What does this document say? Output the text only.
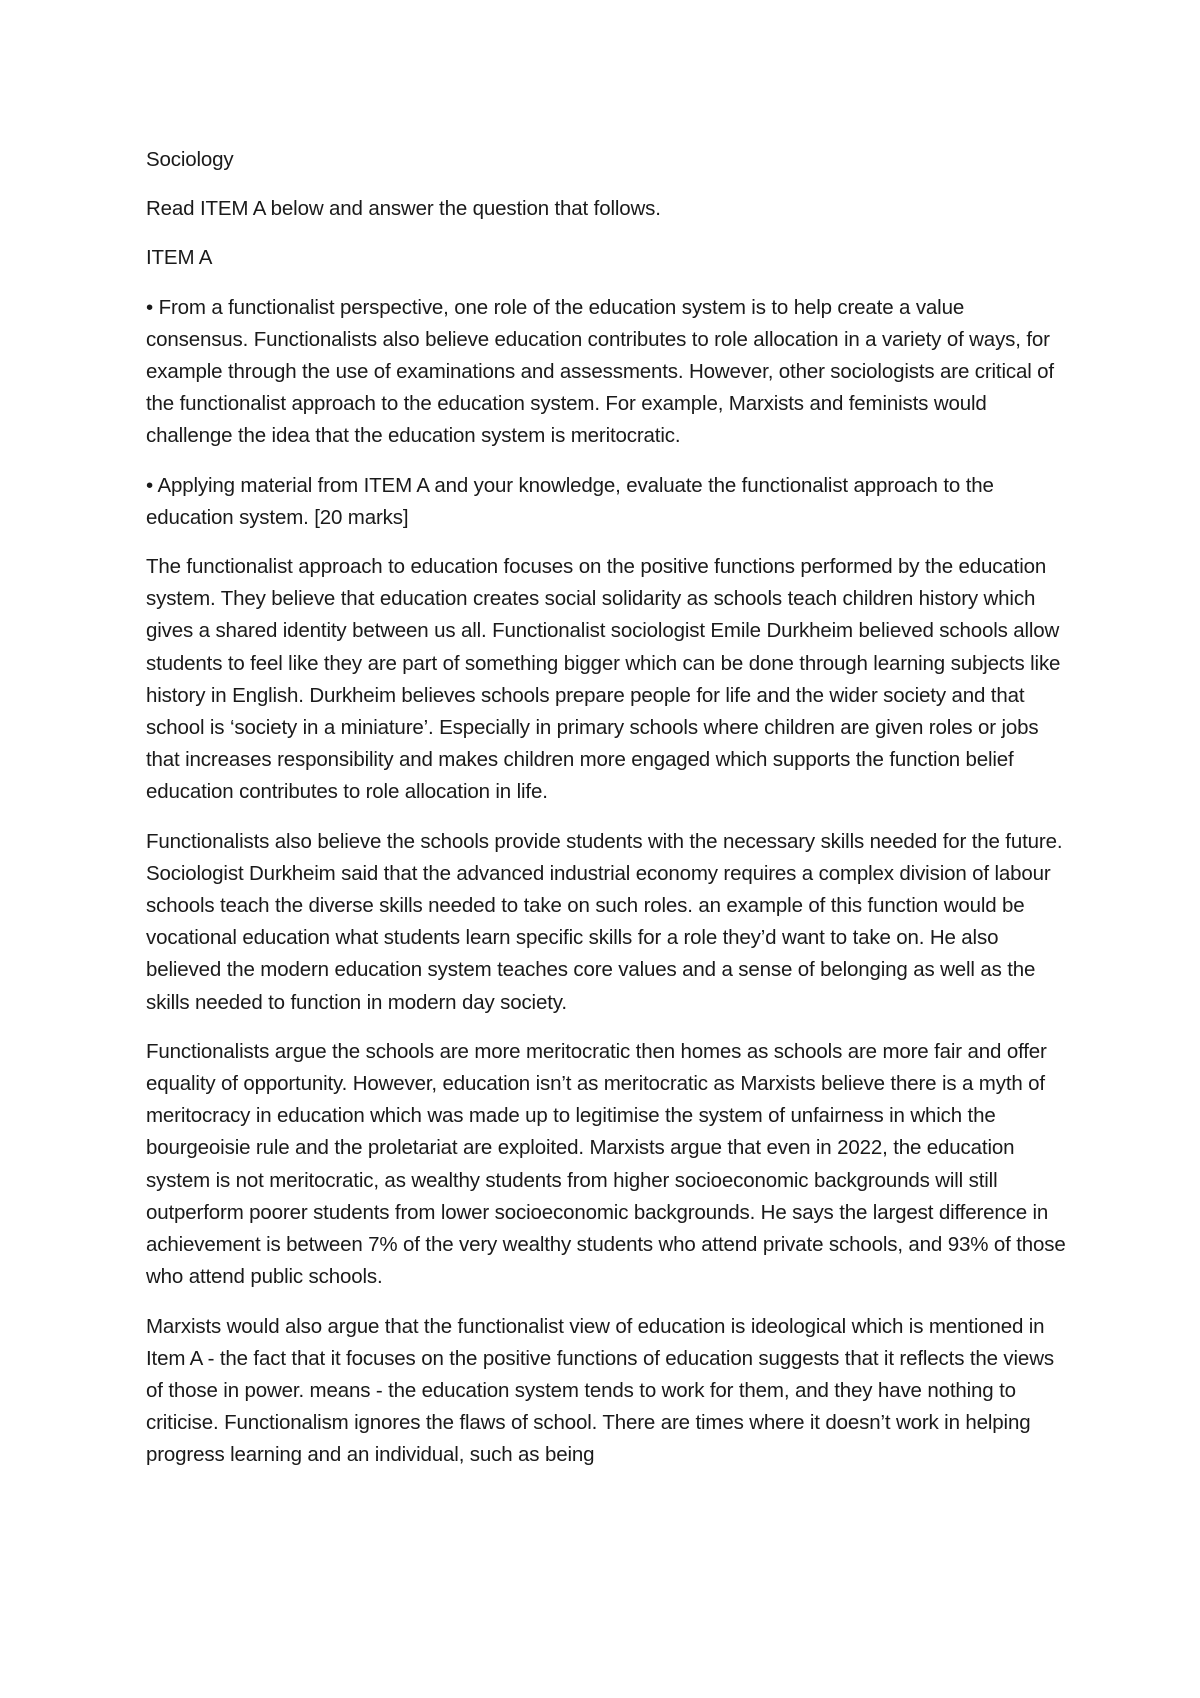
Sociology

Read ITEM A below and answer the question that follows.

ITEM A

• From a functionalist perspective, one role of the education system is to help create a value consensus. Functionalists also believe education contributes to role allocation in a variety of ways, for example through the use of examinations and assessments. However, other sociologists are critical of the functionalist approach to the education system. For example, Marxists and feminists would challenge the idea that the education system is meritocratic.

• Applying material from ITEM A and your knowledge, evaluate the functionalist approach to the education system. [20 marks]

The functionalist approach to education focuses on the positive functions performed by the education system. They believe that education creates social solidarity as schools teach children history which gives a shared identity between us all. Functionalist sociologist Emile Durkheim believed schools allow students to feel like they are part of something bigger which can be done through learning subjects like history in English. Durkheim believes schools prepare people for life and the wider society and that school is ‘society in a miniature’. Especially in primary schools where children are given roles or jobs that increases responsibility and makes children more engaged which supports the function belief education contributes to role allocation in life.

Functionalists also believe the schools provide students with the necessary skills needed for the future. Sociologist Durkheim said that the advanced industrial economy requires a complex division of labour schools teach the diverse skills needed to take on such roles. an example of this function would be vocational education what students learn specific skills for a role they’d want to take on. He also believed the modern education system teaches core values and a sense of belonging as well as the skills needed to function in modern day society.

Functionalists argue the schools are more meritocratic then homes as schools are more fair and offer equality of opportunity. However, education isn’t as meritocratic as Marxists believe there is a myth of meritocracy in education which was made up to legitimise the system of unfairness in which the bourgeoisie rule and the proletariat are exploited. Marxists argue that even in 2022, the education system is not meritocratic, as wealthy students from higher socioeconomic backgrounds will still outperform poorer students from lower socioeconomic backgrounds. He says the largest difference in achievement is between 7% of the very wealthy students who attend private schools, and 93% of those who attend public schools.

Marxists would also argue that the functionalist view of education is ideological which is mentioned in Item A - the fact that it focuses on the positive functions of education suggests that it reflects the views of those in power. means - the education system tends to work for them, and they have nothing to criticise. Functionalism ignores the flaws of school. There are times where it doesn’t work in helping progress learning and an individual, such as being
